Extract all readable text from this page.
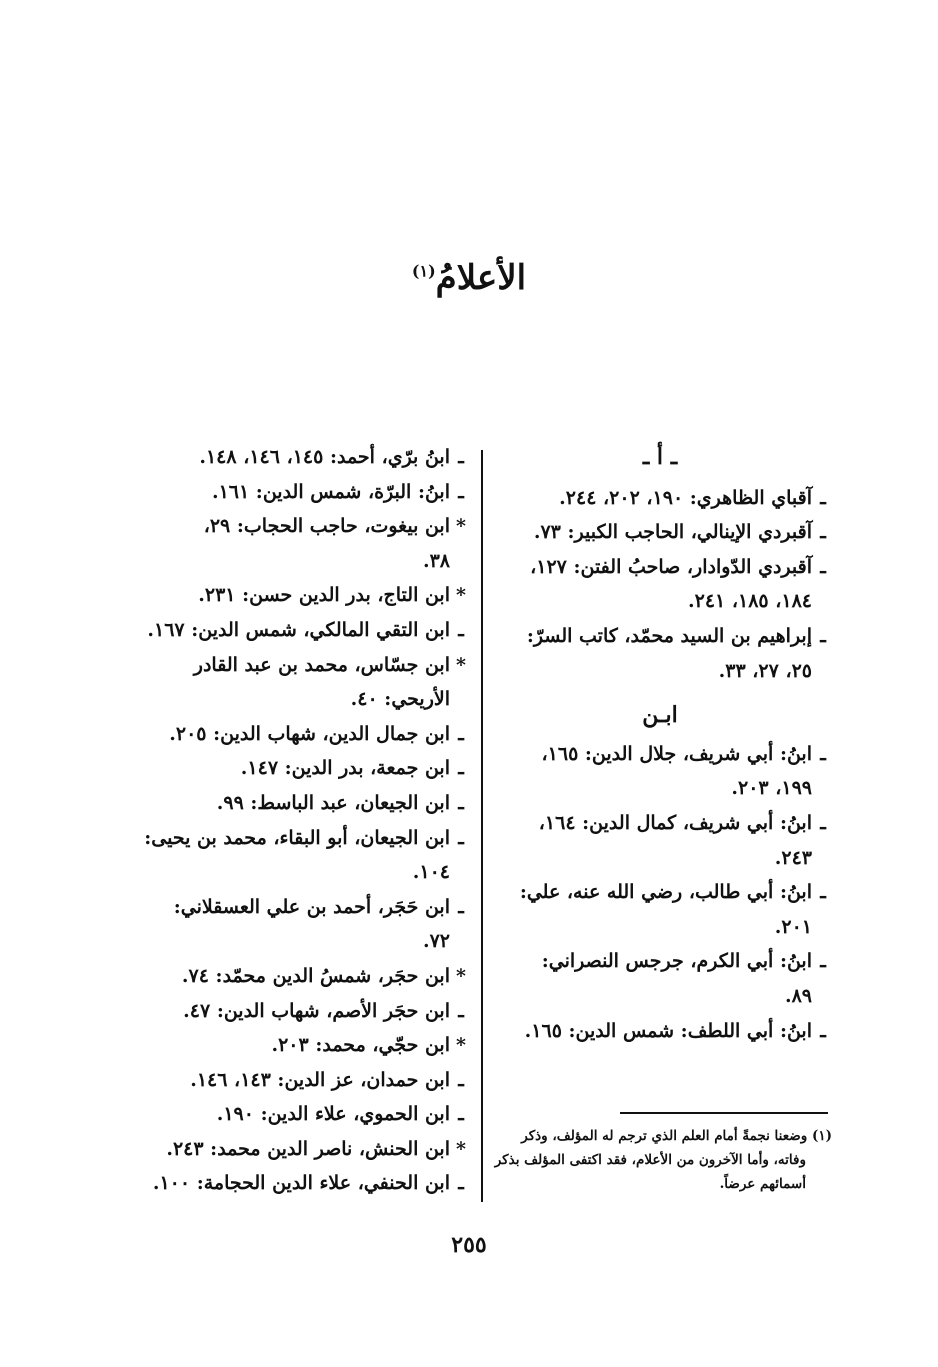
الأعلامُ$^{(١)}$
ـ أ ـ
ـ
آقباي الظاهري: ١٩٠، ٢٠٢، ٢٤٤.
ـ
آقبردي الإينالي، الحاجب الكبير: ٧٣.
ـ
آقبردي الدّوادار، صاحبُ الفتن: ١٢٧،
١٨٤، ١٨٥، ٢٤١.
ـ
إبراهيم بن السيد محمّد، كاتب السرّ:
٢٥، ٢٧، ٣٣.
ابـن
ـ
ابنُ: أبي شريف، جلال الدين: ١٦٥،
١٩٩، ٢٠٣.
ـ
ابنُ: أبي شريف، كمال الدين: ١٦٤،
٢٤٣.
ـ
ابنُ: أبي طالب، رضي الله عنه، علي:
٢٠١.
ـ
ابنُ: أبي الكرم، جرجس النصراني:
٨٩.
ـ
ابنُ: أبي اللطف: شمس الدين: ١٦٥.
ـ
ابنُ برّي، أحمد: ١٤٥، ١٤٦، ١٤٨.
ـ
ابنُ: البرّة، شمس الدين: ١٦١.
*
ابن بيغوت، حاجب الحجاب: ٢٩،
٣٨.
*
ابن التاج، بدر الدين حسن: ٢٣١.
ـ
ابن التقي المالكي، شمس الدين: ١٦٧.
*
ابن جسّاس، محمد بن عبد القادر
الأريحي: ٤٠.
ـ
ابن جمال الدين، شهاب الدين: ٢٠٥.
ـ
ابن جمعة، بدر الدين: ١٤٧.
ـ
ابن الجيعان، عبد الباسط: ٩٩.
ـ
ابن الجيعان، أبو البقاء، محمد بن يحيى:
١٠٤.
ـ
ابن حَجَر، أحمد بن علي العسقلاني:
٧٢.
*
ابن حجَر، شمسُ الدين محمّد: ٧٤.
ـ
ابن حجَر الأصم، شهاب الدين: ٤٧.
*
ابن حجّي، محمد: ٢٠٣.
ـ
ابن حمدان، عز الدين: ١٤٣، ١٤٦.
ـ
ابن الحموي، علاء الدين: ١٩٠.
*
ابن الحنش، ناصر الدين محمد: ٢٤٣.
ـ
ابن الحنفي، علاء الدين الحجامة: ١٠٠.
(١) وضعنا نجمةً أمام العلم الذي ترجم له المؤلف، وذكر
وفاته، وأما الآخرون من الأعلام، فقد اكتفى المؤلف بذكر أسمائهم عرضاً.
٢٥٥
